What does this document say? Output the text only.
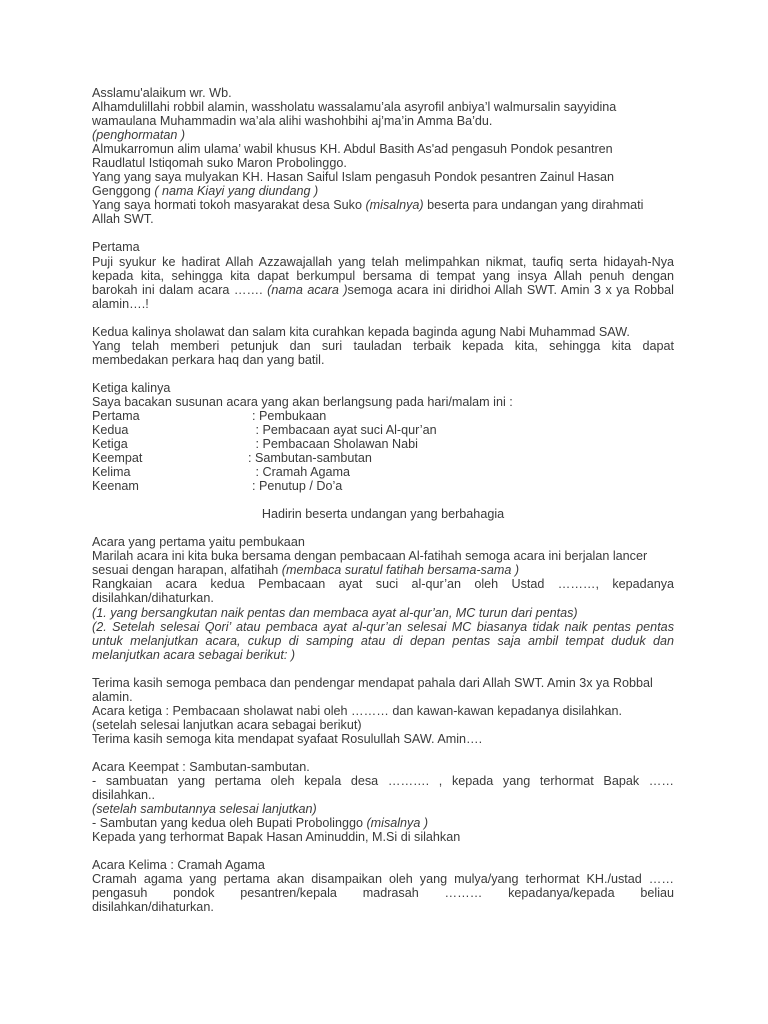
Asslamu'alaikum wr. Wb.

Alhamdulillahi robbil alamin, wassholatu wassalamu’ala asyrofil anbiya’l walmursalin sayyidina

wamaulana Muhammadin wa’ala alihi washohbihi aj’ma’in Amma Ba’du.

(penghormatan )

Almukarromun alim ulama’ wabil khusus KH. Abdul Basith As'ad pengasuh Pondok pesantren

Raudlatul Istiqomah suko Maron Probolinggo.

Yang yang saya mulyakan KH. Hasan Saiful Islam pengasuh Pondok pesantren Zainul Hasan

Genggong ( nama Kiayi yang diundang )

Yang saya hormati tokoh masyarakat desa Suko (misalnya) beserta para undangan yang dirahmati

Allah SWT.

Pertama

Puji syukur ke hadirat Allah Azzawajallah yang telah melimpahkan nikmat, taufiq serta hidayah-Nya

kepada kita, sehingga kita dapat berkumpul bersama di tempat yang insya Allah penuh dengan

barokah ini dalam acara ……. (nama acara )semoga acara ini diridhoi Allah SWT. Amin 3 x ya Robbal

alamin….!

Kedua kalinya sholawat dan salam kita curahkan kepada baginda agung Nabi Muhammad SAW.

Yang telah memberi petunjuk dan suri tauladan terbaik kepada kita, sehingga kita dapat

membedakan perkara haq dan yang batil.

Ketiga kalinya

Saya bacakan susunan acara yang akan berlangsung pada hari/malam ini :

Pertama	: Pembukaan
Kedua	: Pembacaan ayat suci Al-qur’an
Ketiga	: Pembacaan Sholawan Nabi
Keempat	: Sambutan-sambutan
Kelima	: Cramah Agama
Keenam	: Penutup / Do’a

Hadirin beserta undangan yang berbahagia

Acara yang pertama yaitu pembukaan

Marilah acara ini kita buka bersama dengan pembacaan Al-fatihah semoga acara ini berjalan lancer

sesuai dengan harapan, alfatihah (membaca suratul fatihah bersama-sama )

Rangkaian acara kedua Pembacaan ayat suci al-qur’an oleh Ustad ………, kepadanya

disilahkan/dihaturkan.

(1. yang bersangkutan naik pentas dan membaca ayat al-qur’an, MC turun dari pentas)

(2. Setelah selesai Qori’ atau pembaca ayat al-qur’an selesai MC biasanya tidak naik pentas pentas

untuk melanjutkan acara, cukup di samping atau di depan pentas saja ambil tempat duduk dan

melanjutkan acara sebagai berikut: )

Terima kasih semoga pembaca dan pendengar mendapat pahala dari Allah SWT. Amin 3x ya Robbal

alamin.

Acara ketiga : Pembacaan sholawat nabi oleh ……… dan kawan-kawan kepadanya disilahkan.

(setelah selesai lanjutkan acara sebagai berikut)

Terima kasih semoga kita mendapat syafaat Rosulullah SAW. Amin….

Acara Keempat : Sambutan-sambutan.

- sambuatan yang pertama oleh kepala desa ………. , kepada yang terhormat Bapak ……

disilahkan..

(setelah sambutannya selesai lanjutkan)

- Sambutan yang kedua oleh Bupati Probolinggo (misalnya )

Kepada yang terhormat Bapak Hasan Aminuddin, M.Si di silahkan

Acara Kelima : Cramah Agama

Cramah agama yang pertama akan disampaikan oleh yang mulya/yang terhormat KH./ustad ……

pengasuh pondok pesantren/kepala madrasah ……… kepadanya/kepada beliau

disilahkan/dihaturkan.
